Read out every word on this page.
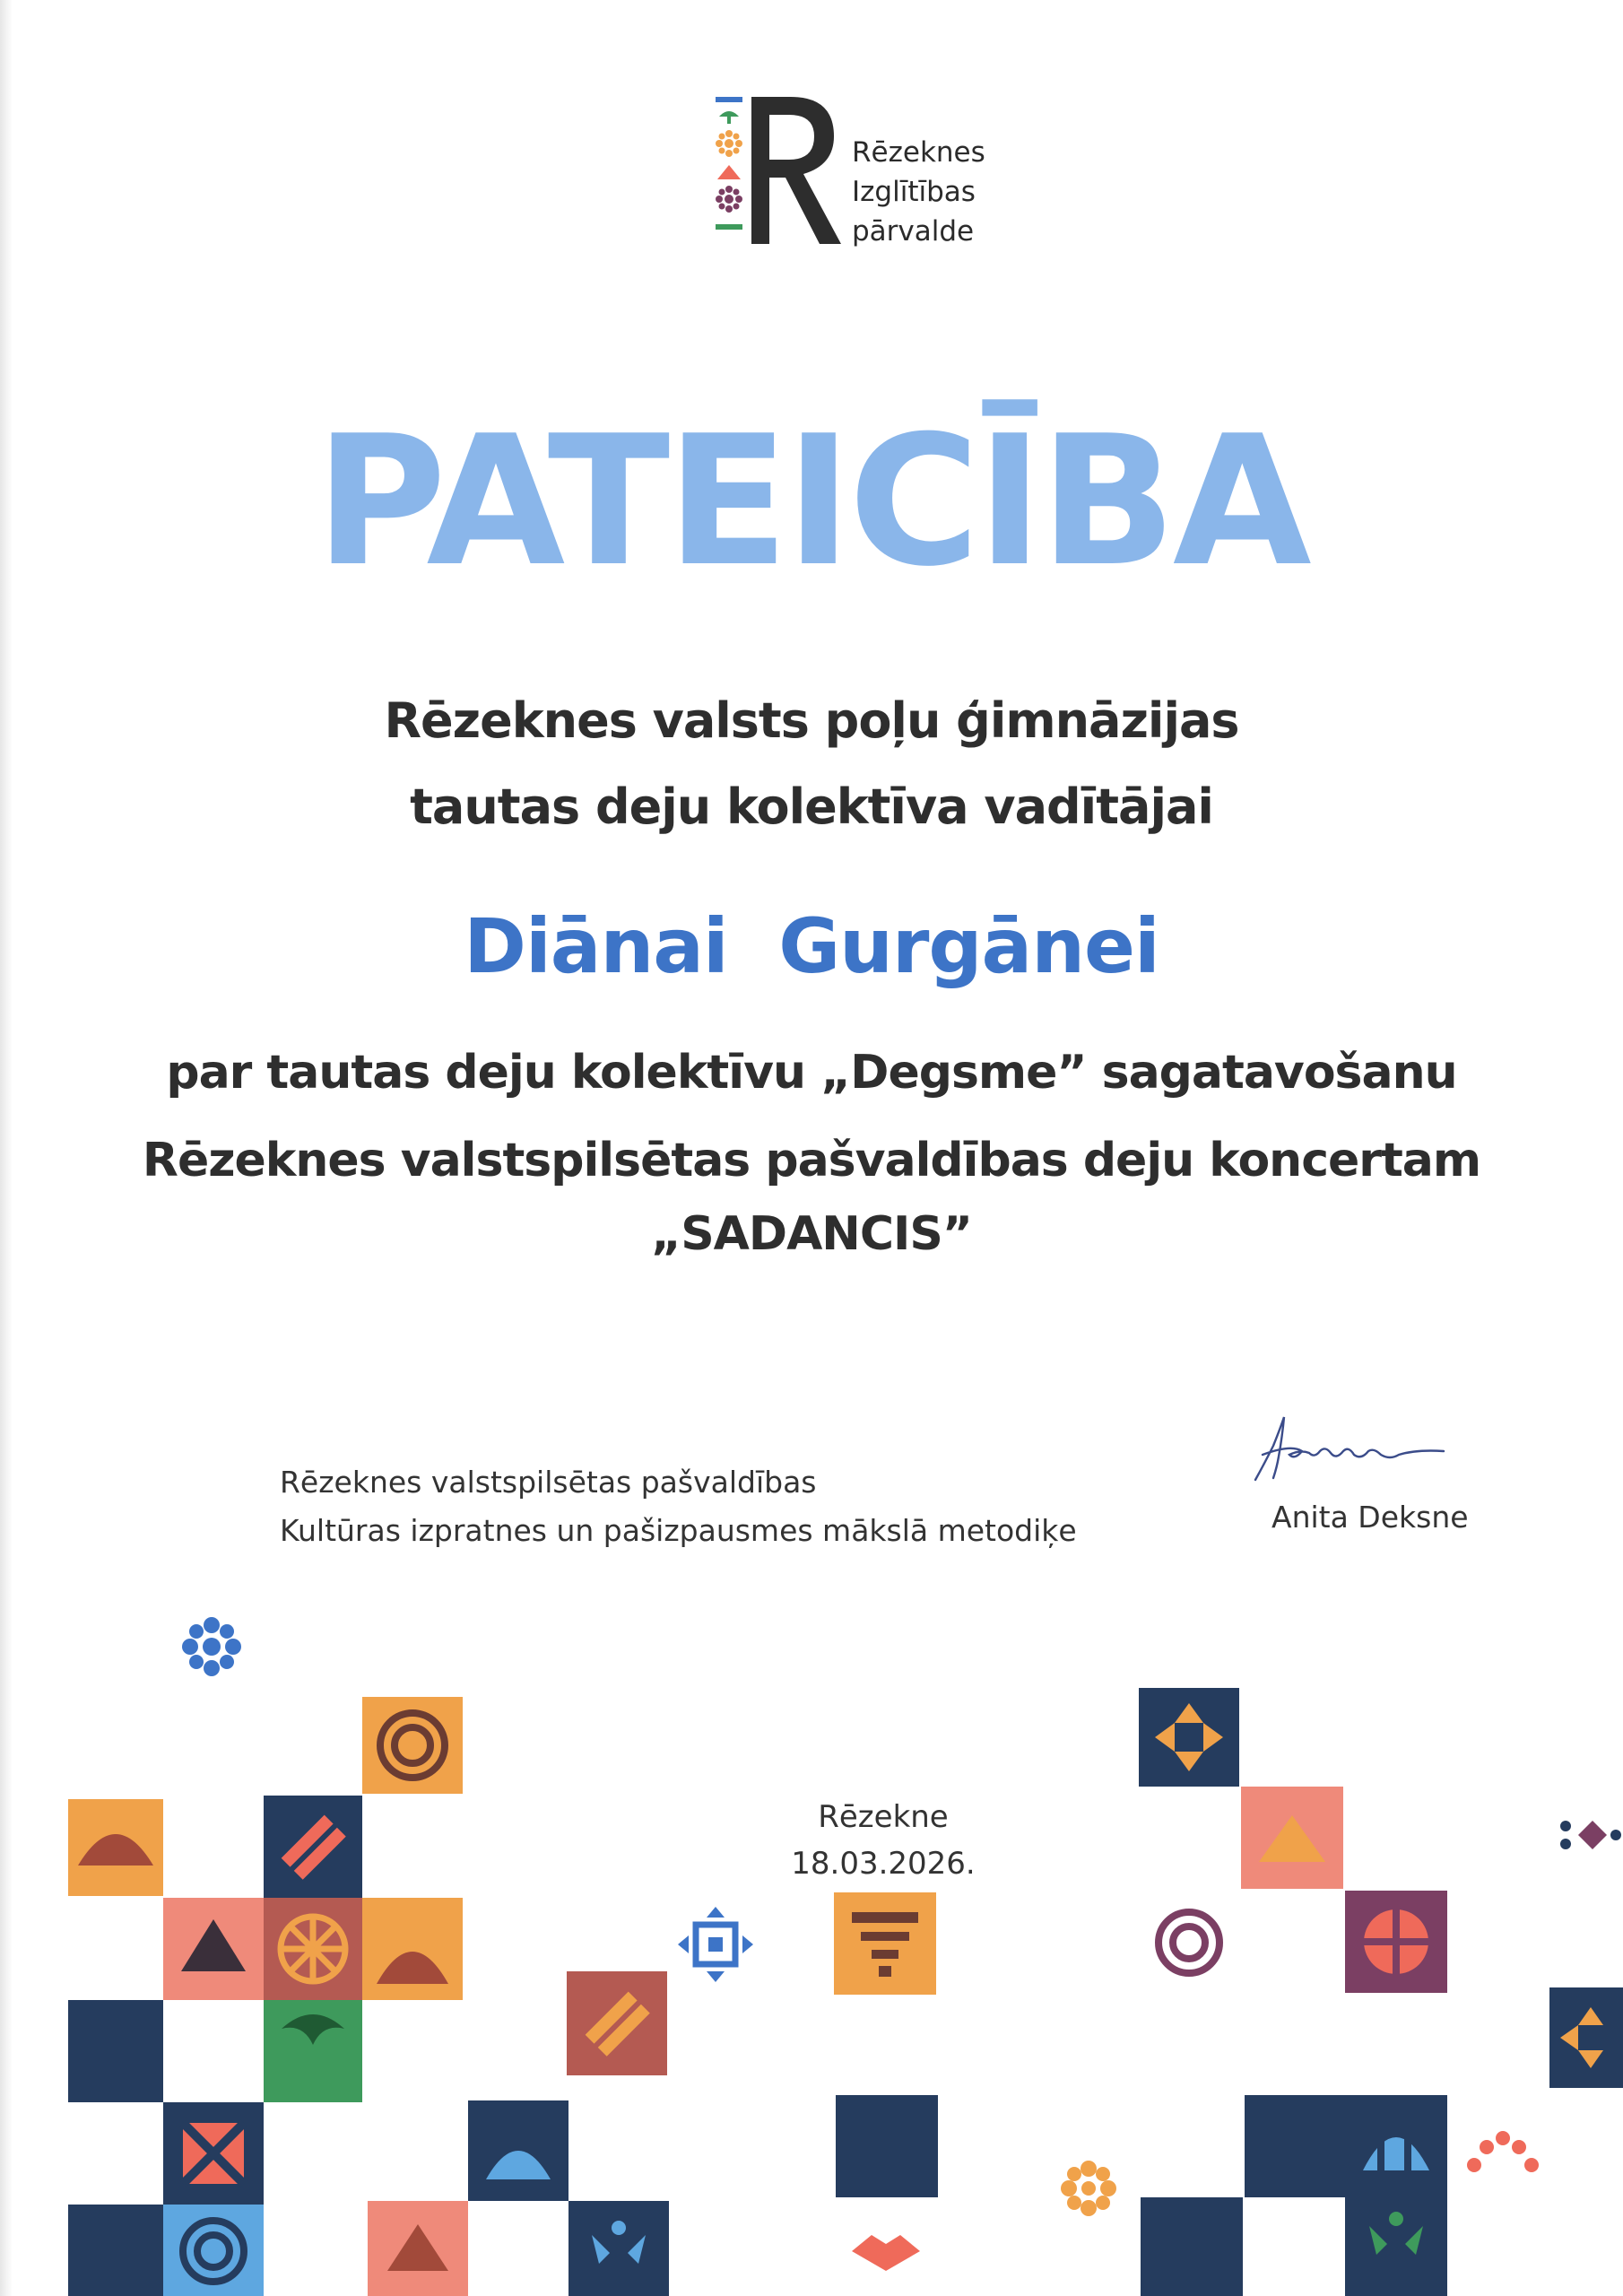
Rēzeknes
Izglītības
pārvalde
PATEICĪBA
Rēzeknes valsts poļu ģimnāzijas
tautas deju kolektīva vadītājai
Diānai  Gurgānei
par tautas deju kolektīvu „Degsme” sagatavošanu
Rēzeknes valstspilsētas pašvaldības deju koncertam
„SADANCIS”
Rēzeknes valstspilsētas pašvaldības
Kultūras izpratnes un pašizpausmes mākslā metodiķe	Anita Deksne
Rēzekne
18.03.2026.
